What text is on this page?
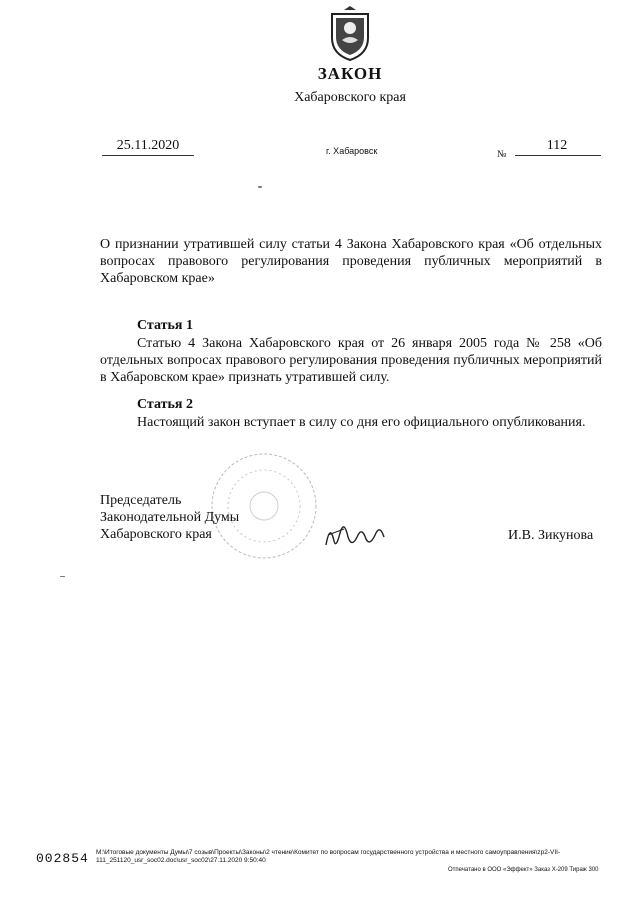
ЗАКОН
Хабаровского края
25.11.2020	г. Хабаровск	№
112
О признании утратившей силу статьи 4 Закона Хабаровского края «Об отдельных вопросах правового регулирования проведения публичных мероприятий в Хабаровском крае»
Статья 1
Статью 4 Закона Хабаровского края от 26 января 2005 года № 258 «Об отдельных вопросах правового регулирования проведения публичных мероприятий в Хабаровском крае» признать утратившей силу.
Статья 2
Настоящий закон вступает в силу со дня его официального опубликования.
Председатель
Законодательной Думы
Хабаровского края	И.В. Зикунова
002854 M:\Итоговые документы Думы\7 созыв\Проекты\Законы\2 чтение\Комитет по вопросам государственного устройства и местного самоуправления\zp2-VII-
111_251120_usr_soc02.doc\usr_soc02\27.11.2020 9:50:40
Отпечатано в ООО «Эффект» Заказ Х-209 Тираж 300
